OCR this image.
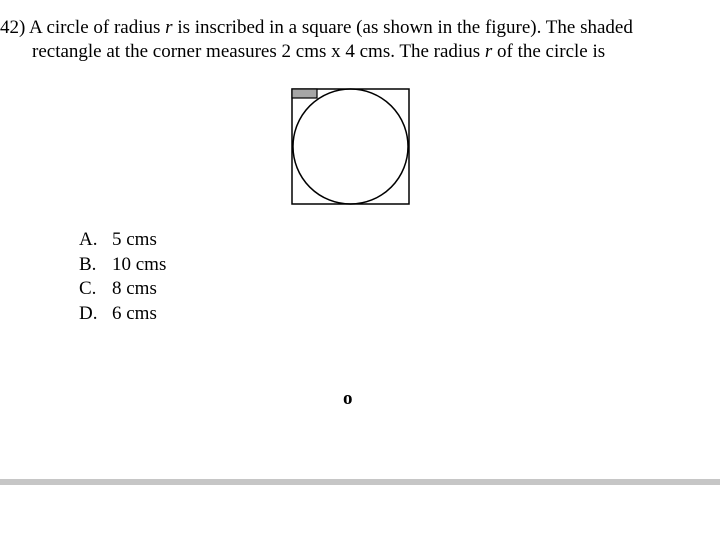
42) A circle of radius r is inscribed in a square (as shown in the figure). The shaded
rectangle at the corner measures 2 cms x 4 cms. The radius r of the circle is
A. 5 cms
B. 10 cms
C. 8 cms
D. 6 cms
o
